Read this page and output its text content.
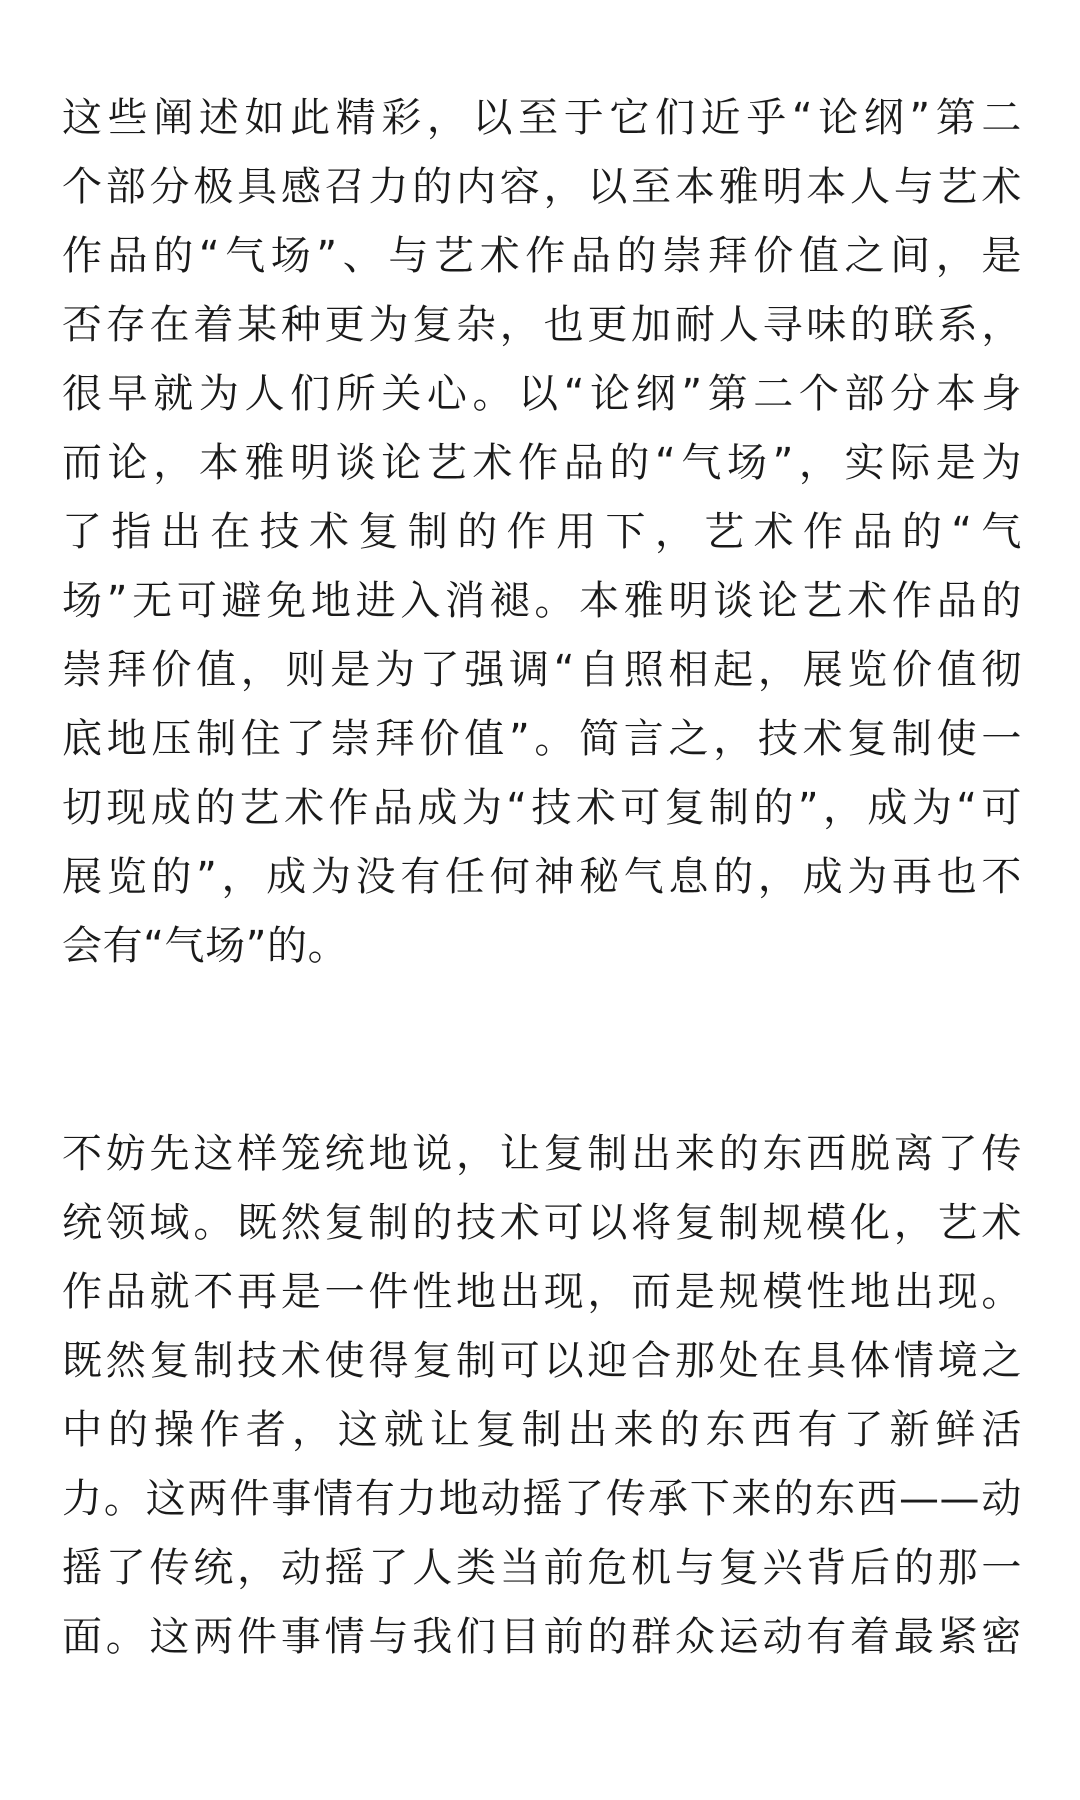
这些阐述如此精彩，以至于它们近乎“论纲”第二
个部分极具感召力的内容，以至本雅明本人与艺术
作品的“气场”、与艺术作品的崇拜价值之间，是
否存在着某种更为复杂，也更加耐人寻味的联系，
很早就为人们所关心。以“论纲”第二个部分本身
而论，本雅明谈论艺术作品的“气场”，实际是为
了指出在技术复制的作用下，艺术作品的“气
场”无可避免地进入消褪。本雅明谈论艺术作品的
崇拜价值，则是为了强调“自照相起，展览价值彻
底地压制住了崇拜价值”。简言之，技术复制使一
切现成的艺术作品成为“技术可复制的”，成为“可
展览的”，成为没有任何神秘气息的，成为再也不
会有“气场”的。
不妨先这样笼统地说，让复制出来的东西脱离了传
统领域。既然复制的技术可以将复制规模化，艺术
作品就不再是一件性地出现，而是规模性地出现。
既然复制技术使得复制可以迎合那处在具体情境之
中的操作者，这就让复制出来的东西有了新鲜活
力。这两件事情有力地动摇了传承下来的东西——动
摇了传统，动摇了人类当前危机与复兴背后的那一
面。这两件事情与我们目前的群众运动有着最紧密
